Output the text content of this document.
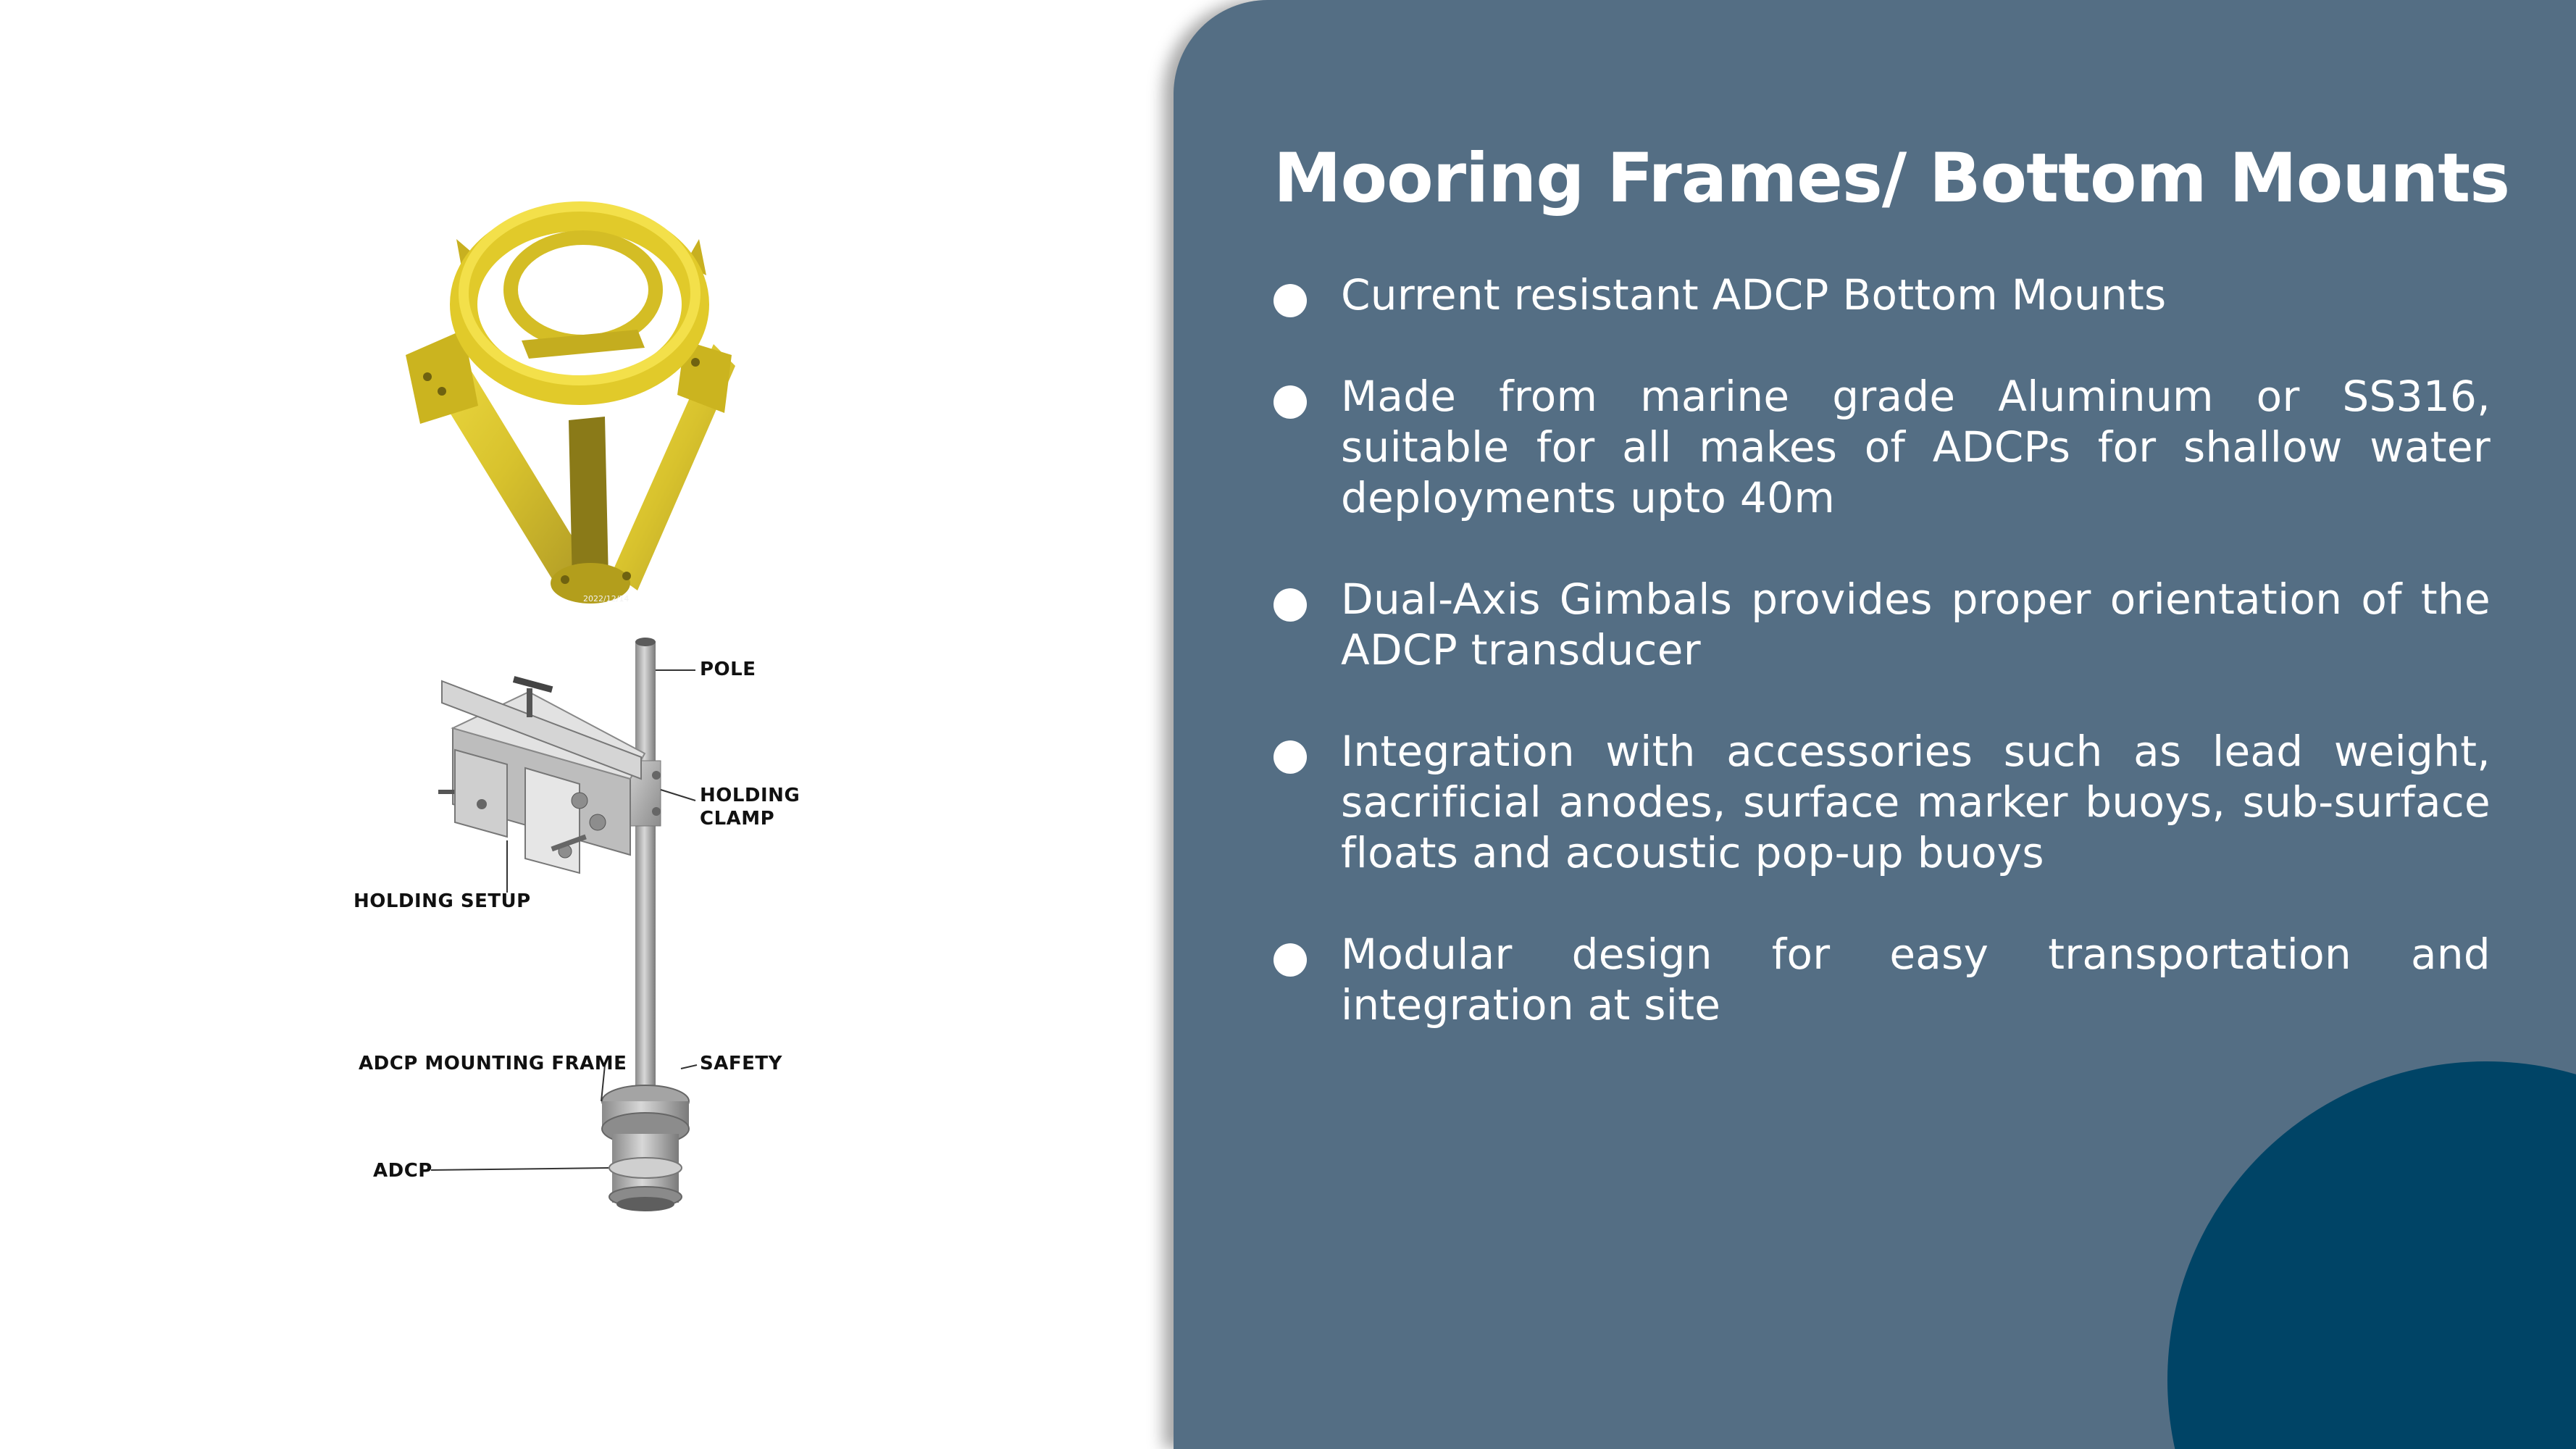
2022/12/14
POLE
HOLDING
CLAMP
HOLDING SETUP
ADCP MOUNTING FRAME	SAFETY
ADCP
Mooring Frames/ Bottom Mounts
Current resistant ADCP Bottom Mounts
Made from marine grade Aluminum or SS316, suitable for all makes of ADCPs for shallow water deployments upto 40m
Dual-Axis Gimbals provides proper orientation of the ADCP transducer
Integration with accessories such as lead weight, sacrificial anodes, surface marker buoys, sub-surface floats and acoustic pop-up buoys
Modular design for easy transportation and integration at site
